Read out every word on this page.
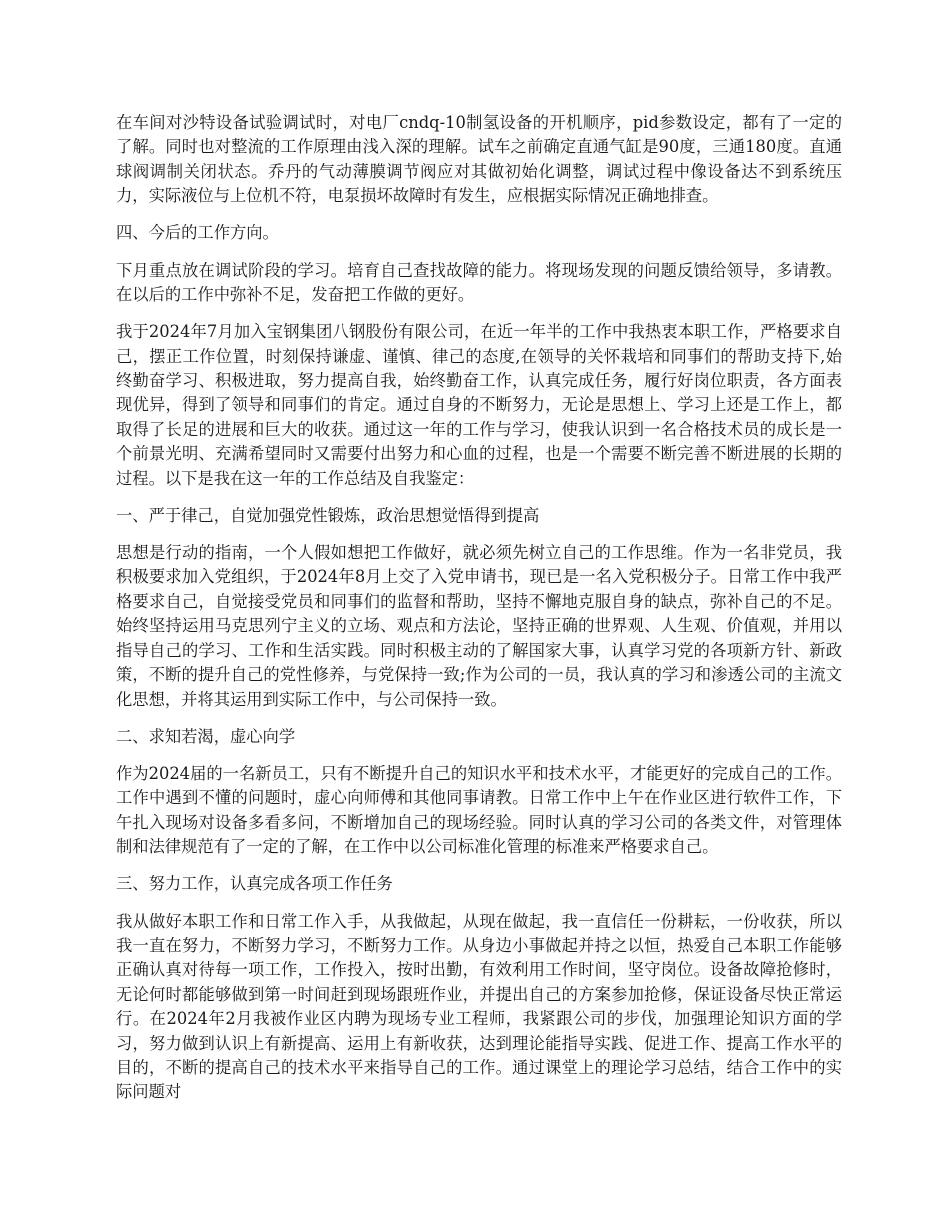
在车间对沙特设备试验调试时，对电厂cndq-10制氢设备的开机顺序，pid参数设定，都有了一定的了解。同时也对整流的工作原理由浅入深的理解。试车之前确定直通气缸是90度，三通180度。直通球阀调制关闭状态。乔丹的气动薄膜调节阀应对其做初始化调整，调试过程中像设备达不到系统压力，实际液位与上位机不符，电泵损坏故障时有发生，应根据实际情况正确地排查。

四、今后的工作方向。

下月重点放在调试阶段的学习。培育自己查找故障的能力。将现场发现的问题反馈给领导，多请教。在以后的工作中弥补不足，发奋把工作做的更好。

我于2024年7月加入宝钢集团八钢股份有限公司，在近一年半的工作中我热衷本职工作，严格要求自己，摆正工作位置，时刻保持谦虚、谨慎、律己的态度,在领导的关怀栽培和同事们的帮助支持下,始终勤奋学习、积极进取，努力提高自我，始终勤奋工作，认真完成任务，履行好岗位职责，各方面表现优异，得到了领导和同事们的肯定。通过自身的不断努力，无论是思想上、学习上还是工作上，都取得了长足的进展和巨大的收获。通过这一年的工作与学习，使我认识到一名合格技术员的成长是一个前景光明、充满希望同时又需要付出努力和心血的过程，也是一个需要不断完善不断进展的长期的过程。以下是我在这一年的工作总结及自我鉴定：

一、严于律己，自觉加强党性锻炼，政治思想觉悟得到提高

思想是行动的指南，一个人假如想把工作做好，就必须先树立自己的工作思维。作为一名非党员，我积极要求加入党组织，于2024年8月上交了入党申请书，现已是一名入党积极分子。日常工作中我严格要求自己，自觉接受党员和同事们的监督和帮助，坚持不懈地克服自身的缺点，弥补自己的不足。始终坚持运用马克思列宁主义的立场、观点和方法论，坚持正确的世界观、人生观、价值观，并用以指导自己的学习、工作和生活实践。同时积极主动的了解国家大事，认真学习党的各项新方针、新政策，不断的提升自己的党性修养，与党保持一致;作为公司的一员，我认真的学习和渗透公司的主流文化思想，并将其运用到实际工作中，与公司保持一致。

二、求知若渴，虚心向学

作为2024届的一名新员工，只有不断提升自己的知识水平和技术水平，才能更好的完成自己的工作。工作中遇到不懂的问题时，虚心向师傅和其他同事请教。日常工作中上午在作业区进行软件工作，下午扎入现场对设备多看多问，不断增加自己的现场经验。同时认真的学习公司的各类文件，对管理体制和法律规范有了一定的了解，在工作中以公司标准化管理的标准来严格要求自己。

三、努力工作，认真完成各项工作任务

我从做好本职工作和日常工作入手，从我做起，从现在做起，我一直信任一份耕耘，一份收获，所以我一直在努力，不断努力学习，不断努力工作。从身边小事做起并持之以恒，热爱自己本职工作能够正确认真对待每一项工作，工作投入，按时出勤，有效利用工作时间，坚守岗位。设备故障抢修时，无论何时都能够做到第一时间赶到现场跟班作业，并提出自己的方案参加抢修，保证设备尽快正常运行。在2024年2月我被作业区内聘为现场专业工程师，我紧跟公司的步伐，加强理论知识方面的学习，努力做到认识上有新提高、运用上有新收获，达到理论能指导实践、促进工作、提高工作水平的目的，不断的提高自己的技术水平来指导自己的工作。通过课堂上的理论学习总结，结合工作中的实际问题对
